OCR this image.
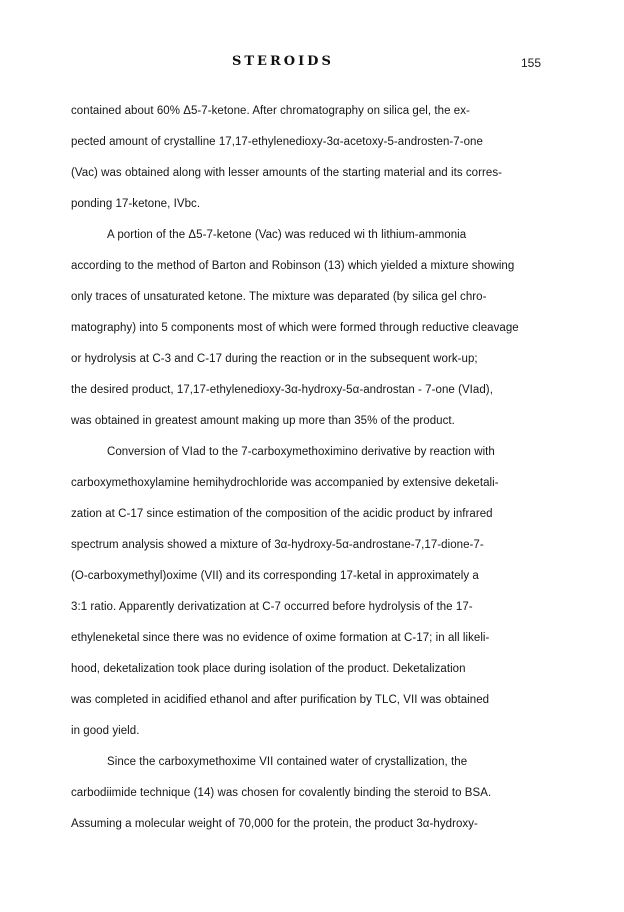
STEROIDS	155

contained about 60% Δ5-7-ketone. After chromatography on silica gel, the ex-
pected amount of crystalline 17,17-ethylenedioxy-3α-acetoxy-5-androsten-7-one
(Vac) was obtained along with lesser amounts of the starting material and its corres-
ponding 17-ketone, IVbc.

A portion of the Δ5-7-ketone (Vac) was reduced wi th lithium-ammonia
according to the method of Barton and Robinson (13) which yielded a mixture showing
only traces of unsaturated ketone. The mixture was deparated (by silica gel chro-
matography) into 5 components most of which were formed through reductive cleavage
or hydrolysis at C-3 and C-17 during the reaction or in the subsequent work-up;
the desired product, 17,17-ethylenedioxy-3α-hydroxy-5α-androstan - 7-one (VIad),
was obtained in greatest amount making up more than 35% of the product.

Conversion of VIad to the 7-carboxymethoximino derivative by reaction with
carboxymethoxylamine hemihydrochloride was accompanied by extensive deketali-
zation at C-17 since estimation of the composition of the acidic product by infrared
spectrum analysis showed a mixture of 3α-hydroxy-5α-androstane-7,17-dione-7-
(O-carboxymethyl)oxime (VII) and its corresponding 17-ketal in approximately a
3:1 ratio. Apparently derivatization at C-7 occurred before hydrolysis of the 17-
ethyleneketal since there was no evidence of oxime formation at C-17; in all likeli-
hood, deketalization took place during isolation of the product. Deketalization
was completed in acidified ethanol and after purification by TLC, VII was obtained
in good yield.

Since the carboxymethoxime VII contained water of crystallization, the
carbodiimide technique (14) was chosen for covalently binding the steroid to BSA.
Assuming a molecular weight of 70,000 for the protein, the product 3α-hydroxy-
